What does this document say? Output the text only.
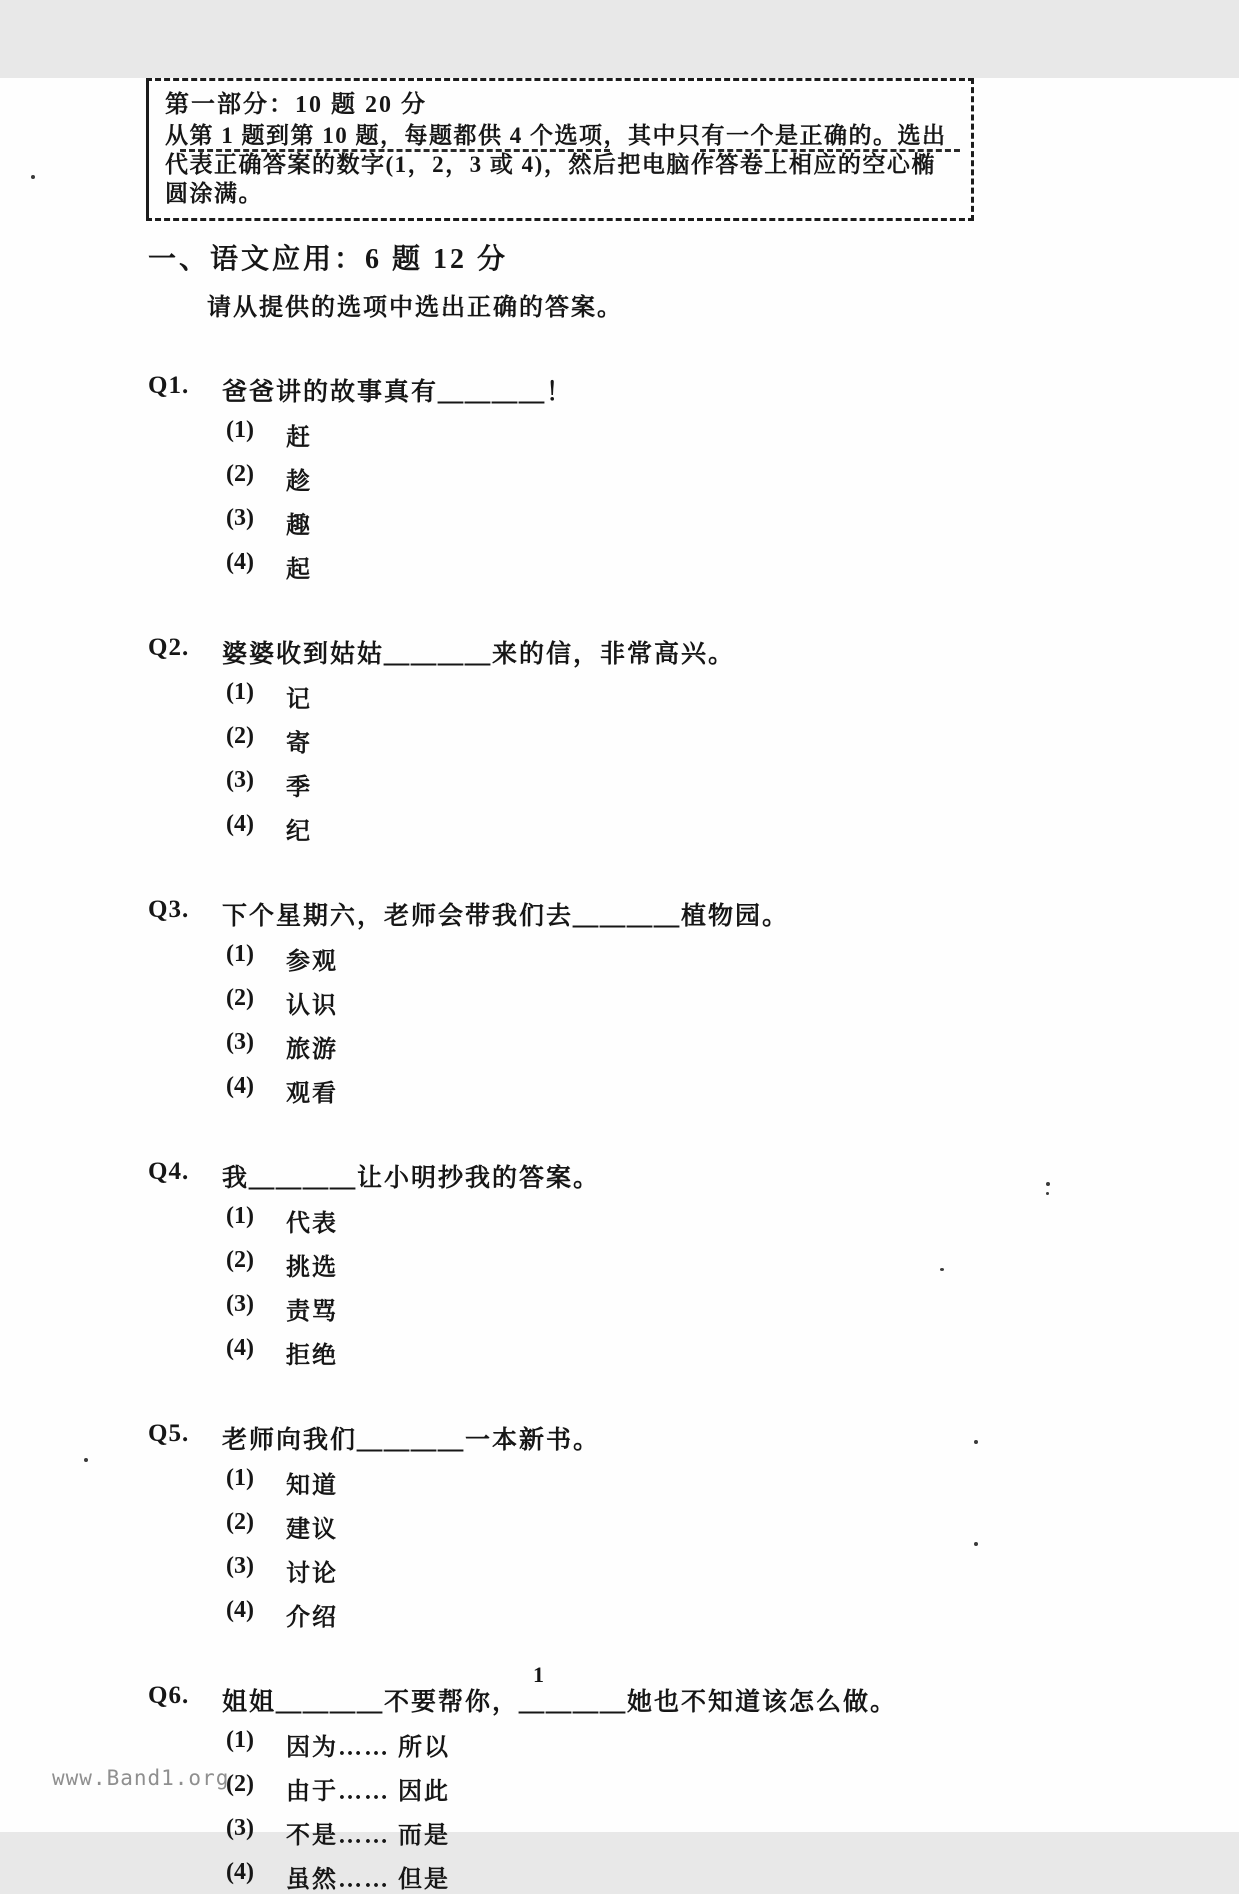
第一部分：10 题 20 分
从第 1 题到第 10 题，每题都供 4 个选项，其中只有一个是正确的。选出
代表正确答案的数字(1，2，3 或 4)，然后把电脑作答卷上相应的空心椭
圆涂满。
一、语文应用：6 题 12 分
请从提供的选项中选出正确的答案。
Q1.	爸爸讲的故事真有＿＿＿＿！
(1)	赶
(2)	趁
(3)	趣
(4)	起
Q2.	婆婆收到姑姑＿＿＿＿来的信，非常高兴。
(1)	记
(2)	寄
(3)	季
(4)	纪
Q3.	下个星期六，老师会带我们去＿＿＿＿植物园。
(1)	参观
(2)	认识
(3)	旅游
(4)	观看
Q4.	我＿＿＿＿让小明抄我的答案。
(1)	代表
(2)	挑选
(3)	责骂
(4)	拒绝
Q5.	老师向我们＿＿＿＿一本新书。
(1)	知道
(2)	建议
(3)	讨论
(4)	介绍
Q6.	姐姐＿＿＿＿不要帮你，＿＿＿＿她也不知道该怎么做。
(1)	因为…… 所以
(2)	由于…… 因此
(3)	不是…… 而是
(4)	虽然…… 但是
1
www.Band1.org
